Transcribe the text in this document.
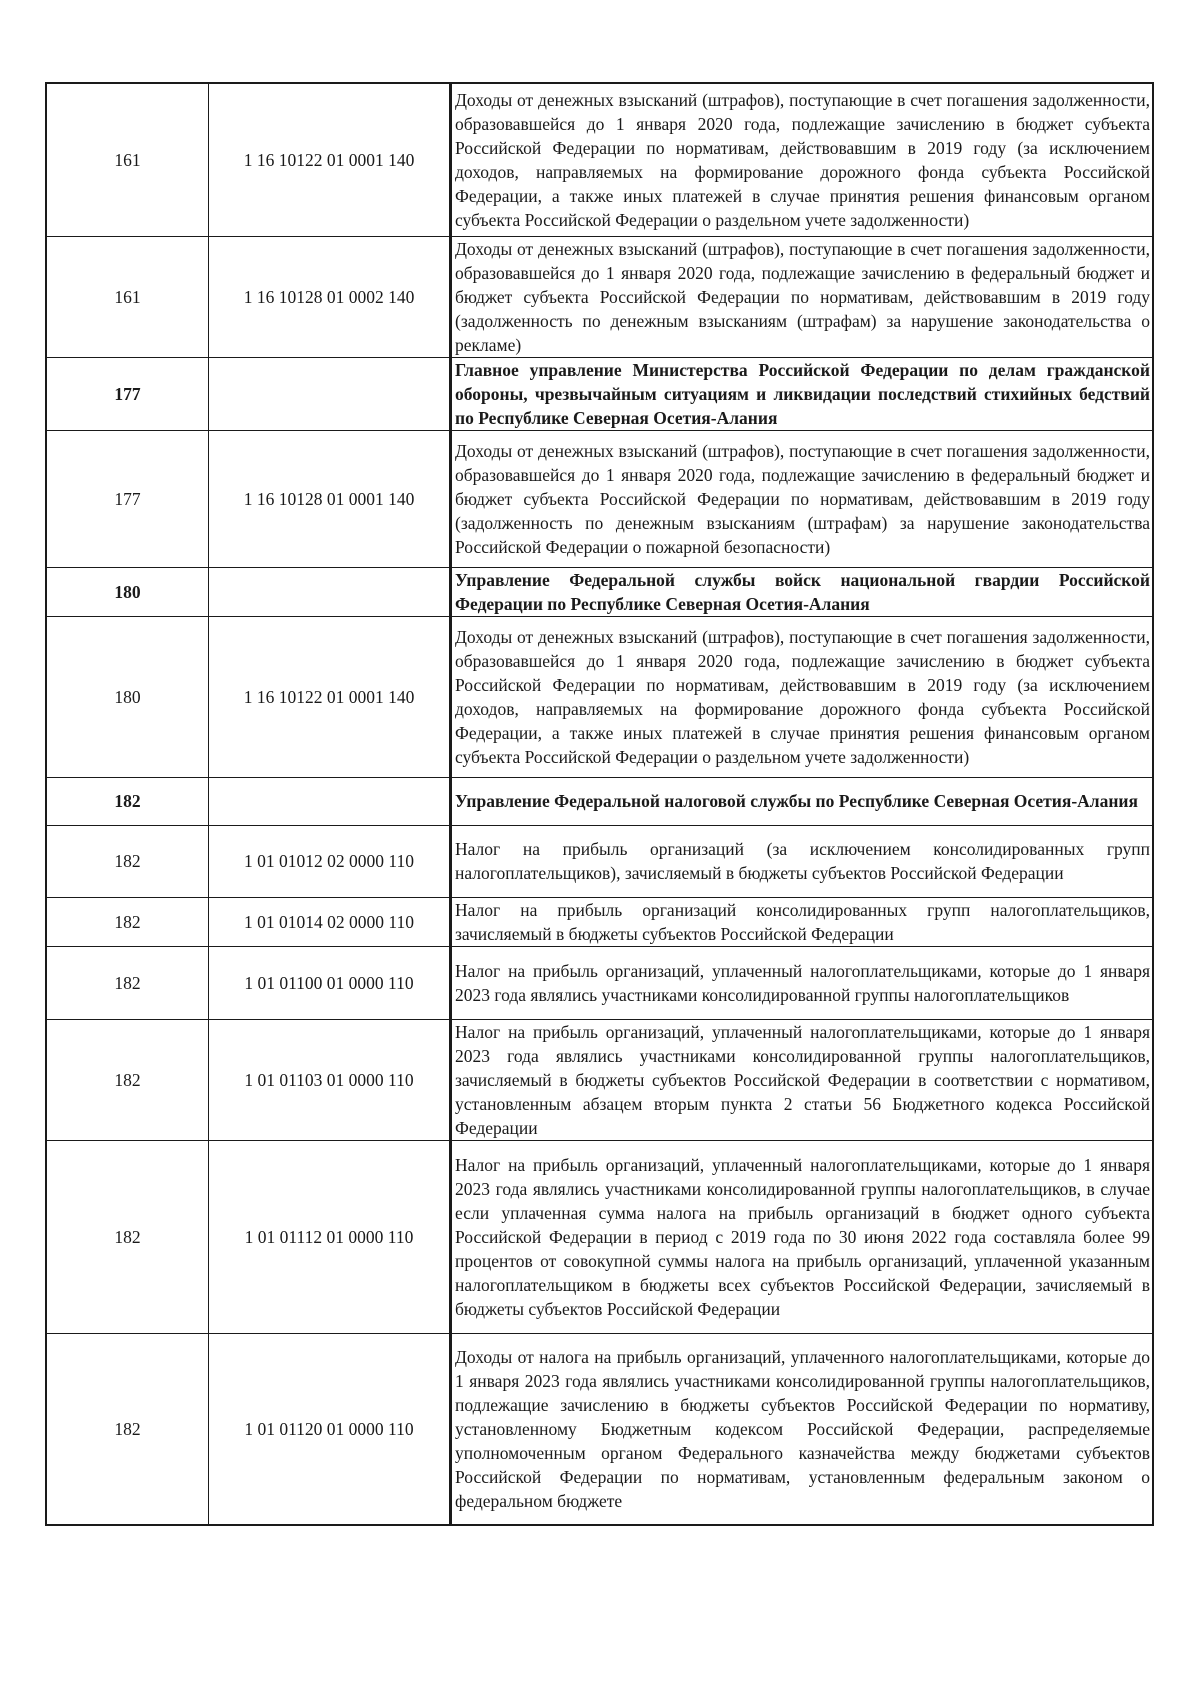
161	1 16 10122 01 0001 140	Доходы от денежных взысканий (штрафов), поступающие в счет погашения задолженности, образовавшейся до 1 января 2020 года, подлежащие зачислению в бюджет субъекта Российской Федерации по нормативам, действовавшим в 2019 году (за исключением доходов, направляемых на формирование дорожного фонда субъекта Российской Федерации, а также иных платежей в случае принятия решения финансовым органом субъекта Российской Федерации о раздельном учете задолженности)
161	1 16 10128 01 0002 140	Доходы от денежных взысканий (штрафов), поступающие в счет погашения задолженности, образовавшейся до 1 января 2020 года, подлежащие зачислению в федеральный бюджет и бюджет субъекта Российской Федерации по нормативам, действовавшим в 2019 году (задолженность по денежным взысканиям (штрафам) за нарушение законодательства о рекламе)
177		Главное управление Министерства Российской Федерации по делам гражданской обороны, чрезвычайным ситуациям и ликвидации последствий стихийных бедствий по Республике Северная Осетия-Алания
177	1 16 10128 01 0001 140	Доходы от денежных взысканий (штрафов), поступающие в счет погашения задолженности, образовавшейся до 1 января 2020 года, подлежащие зачислению в федеральный бюджет и бюджет субъекта Российской Федерации по нормативам, действовавшим в 2019 году (задолженность по денежным взысканиям (штрафам) за нарушение законодательства Российской Федерации о пожарной безопасности)
180		Управление Федеральной службы войск национальной гвардии Российской Федерации по Республике Северная Осетия-Алания
180	1 16 10122 01 0001 140	Доходы от денежных взысканий (штрафов), поступающие в счет погашения задолженности, образовавшейся до 1 января 2020 года, подлежащие зачислению в бюджет субъекта Российской Федерации по нормативам, действовавшим в 2019 году (за исключением доходов, направляемых на формирование дорожного фонда субъекта Российской Федерации, а также иных платежей в случае принятия решения финансовым органом субъекта Российской Федерации о раздельном учете задолженности)
182		Управление Федеральной налоговой службы по Республике Северная Осетия-Алания
182	1 01 01012 02 0000 110	Налог на прибыль организаций (за исключением консолидированных групп налогоплательщиков), зачисляемый в бюджеты субъектов Российской Федерации
182	1 01 01014 02 0000 110	Налог на прибыль организаций консолидированных групп налогоплательщиков, зачисляемый в бюджеты субъектов Российской Федерации
182	1 01 01100 01 0000 110	Налог на прибыль организаций, уплаченный налогоплательщиками, которые до 1 января 2023 года являлись участниками консолидированной группы налогоплательщиков
182	1 01 01103 01 0000 110	Налог на прибыль организаций, уплаченный налогоплательщиками, которые до 1 января 2023 года являлись участниками консолидированной группы налогоплательщиков, зачисляемый в бюджеты субъектов Российской Федерации в соответствии с нормативом, установленным абзацем вторым пункта 2 статьи 56 Бюджетного кодекса Российской Федерации
182	1 01 01112 01 0000 110	Налог на прибыль организаций, уплаченный налогоплательщиками, которые до 1 января 2023 года являлись участниками консолидированной группы налогоплательщиков, в случае если уплаченная сумма налога на прибыль организаций в бюджет одного субъекта Российской Федерации в период с 2019 года по 30 июня 2022 года составляла более 99 процентов от совокупной суммы налога на прибыль организаций, уплаченной указанным налогоплательщиком в бюджеты всех субъектов Российской Федерации, зачисляемый в бюджеты субъектов Российской Федерации
182	1 01 01120 01 0000 110	Доходы от налога на прибыль организаций, уплаченного налогоплательщиками, которые до 1 января 2023 года являлись участниками консолидированной группы налогоплательщиков, подлежащие зачислению в бюджеты субъектов Российской Федерации по нормативу, установленному Бюджетным кодексом Российской Федерации, распределяемые уполномоченным органом Федерального казначейства между бюджетами субъектов Российской Федерации по нормативам, установленным федеральным законом о федеральном бюджете
